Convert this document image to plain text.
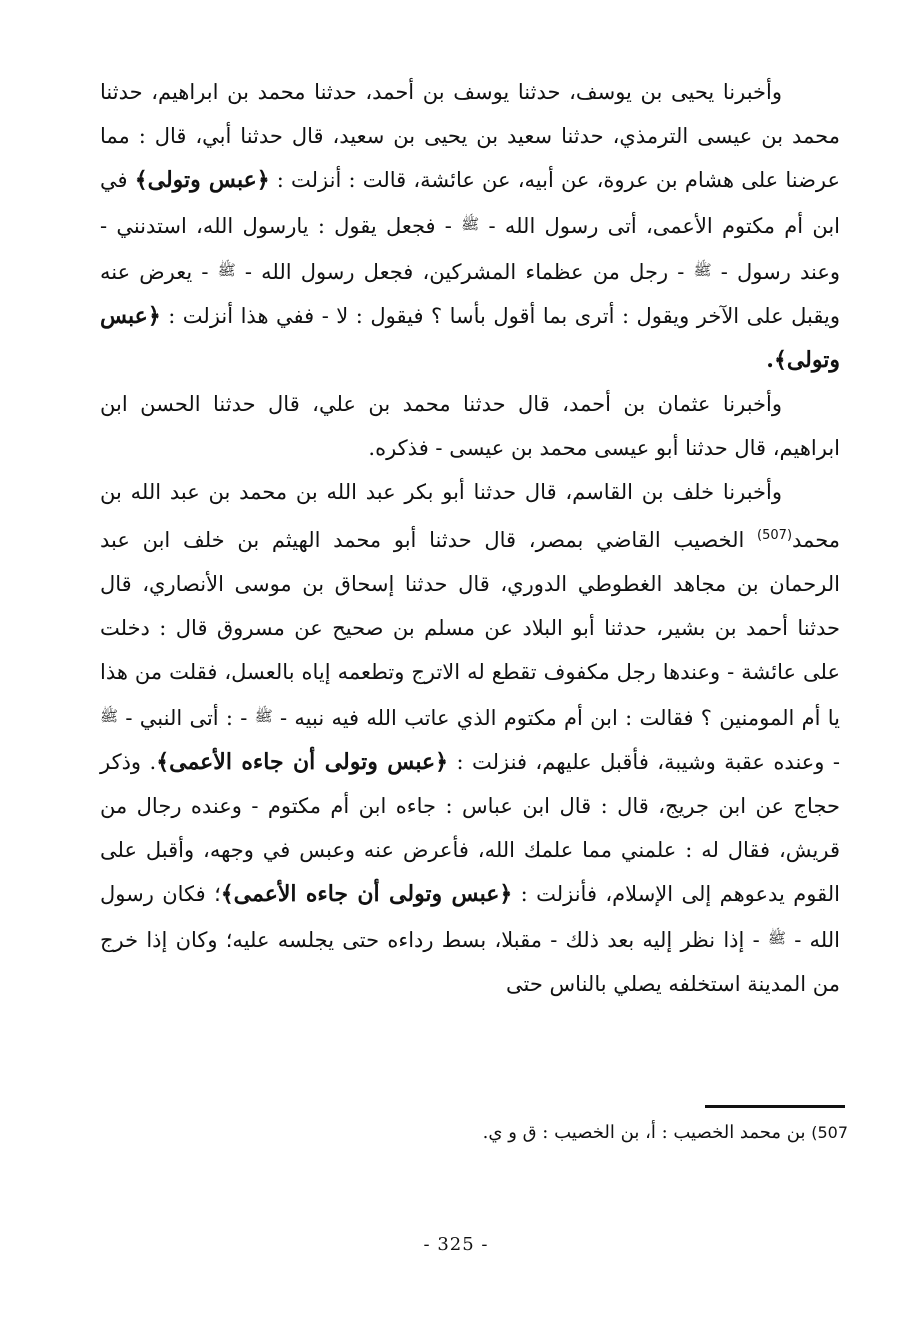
وأخبرنا يحيى بن يوسف، حدثنا يوسف بن أحمد، حدثنا محمد بن ابراهيم، حدثنا محمد بن عيسى الترمذي، حدثنا سعيد بن يحيى بن سعيد، قال حدثنا أبي، قال : مما عرضنا على هشام بن عروة، عن أبيه، عن عائشة، قالت : أنزلت : ﴿عبس وتولى﴾ في ابن أم مكتوم الأعمى، أتى رسول الله - ﷺ - فجعل يقول : يارسول الله، استدنني - وعند رسول - ﷺ - رجل من عظماء المشركين، فجعل رسول الله - ﷺ - يعرض عنه ويقبل على الآخر ويقول : أترى بما أقول بأسا ؟ فيقول : لا - ففي هذا أنزلت : ﴿عبس وتولى﴾.

وأخبرنا عثمان بن أحمد، قال حدثنا محمد بن علي، قال حدثنا الحسن ابن ابراهيم، قال حدثنا أبو عيسى محمد بن عيسى - فذكره.

وأخبرنا خلف بن القاسم، قال حدثنا أبو بكر عبد الله بن محمد بن عبد الله بن محمد$^{(507)}$ الخصيب القاضي بمصر، قال حدثنا أبو محمد الهيثم بن خلف ابن عبد الرحمان بن مجاهد الغطوطي الدوري، قال حدثنا إسحاق بن موسى الأنصاري، قال حدثنا أحمد بن بشير، حدثنا أبو البلاد عن مسلم بن صحيح عن مسروق قال : دخلت على عائشة - وعندها رجل مكفوف تقطع له الاترج وتطعمه إياه بالعسل، فقلت من هذا يا أم المومنين ؟ فقالت : ابن أم مكتوم الذي عاتب الله فيه نبيه - ﷺ - : أتى النبي - ﷺ - وعنده عقبة وشيبة، فأقبل عليهم، فنزلت : ﴿عبس وتولى أن جاءه الأعمى﴾. وذكر حجاج عن ابن جريج، قال : قال ابن عباس : جاءه ابن أم مكتوم - وعنده رجال من قريش، فقال له : علمني مما علمك الله، فأعرض عنه وعبس في وجهه، وأقبل على القوم يدعوهم إلى الإسلام، فأنزلت : ﴿عبس وتولى أن جاءه الأعمى﴾؛ فكان رسول الله - ﷺ - إذا نظر إليه بعد ذلك - مقبلا، بسط رداءه حتى يجلسه عليه؛ وكان إذا خرج من المدينة استخلفه يصلي بالناس حتى

507) بن محمد الخصيب : أ، بن الخصيب : ق و ي.
- 325 -
